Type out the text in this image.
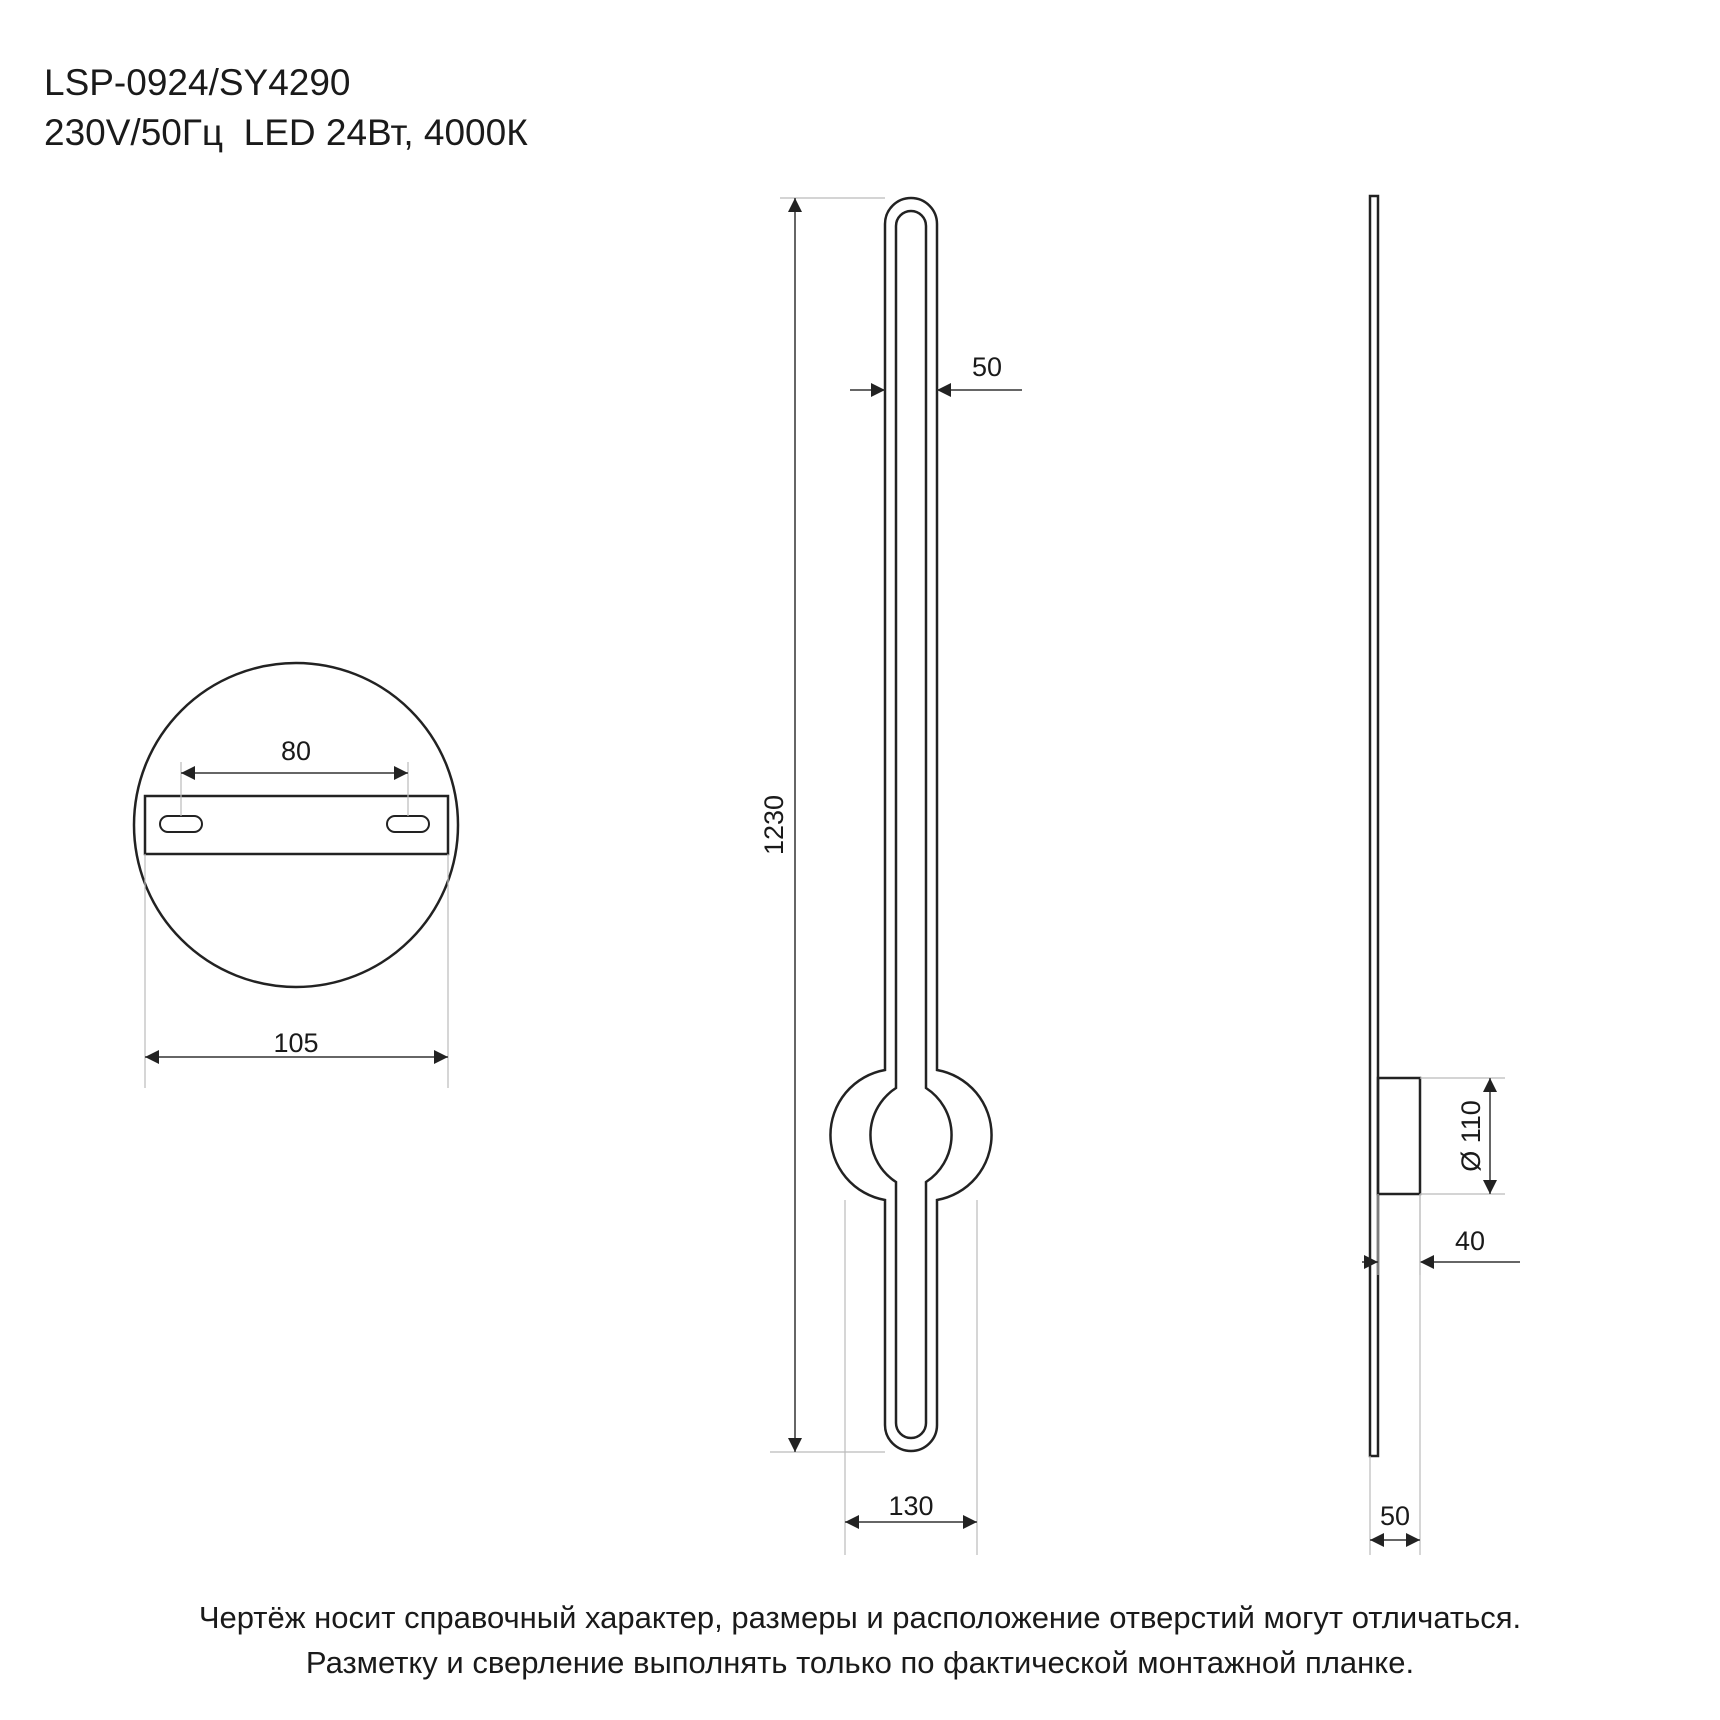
LSP-0924/SY4290
230V/50Гц  LED 24Вт, 4000К
80
105
1230
50
130
Ø 110
40
50
Чертёж носит справочный характер, размеры и расположение отверстий могут отличаться.
Разметку и сверление выполнять только по фактической монтажной планке.
